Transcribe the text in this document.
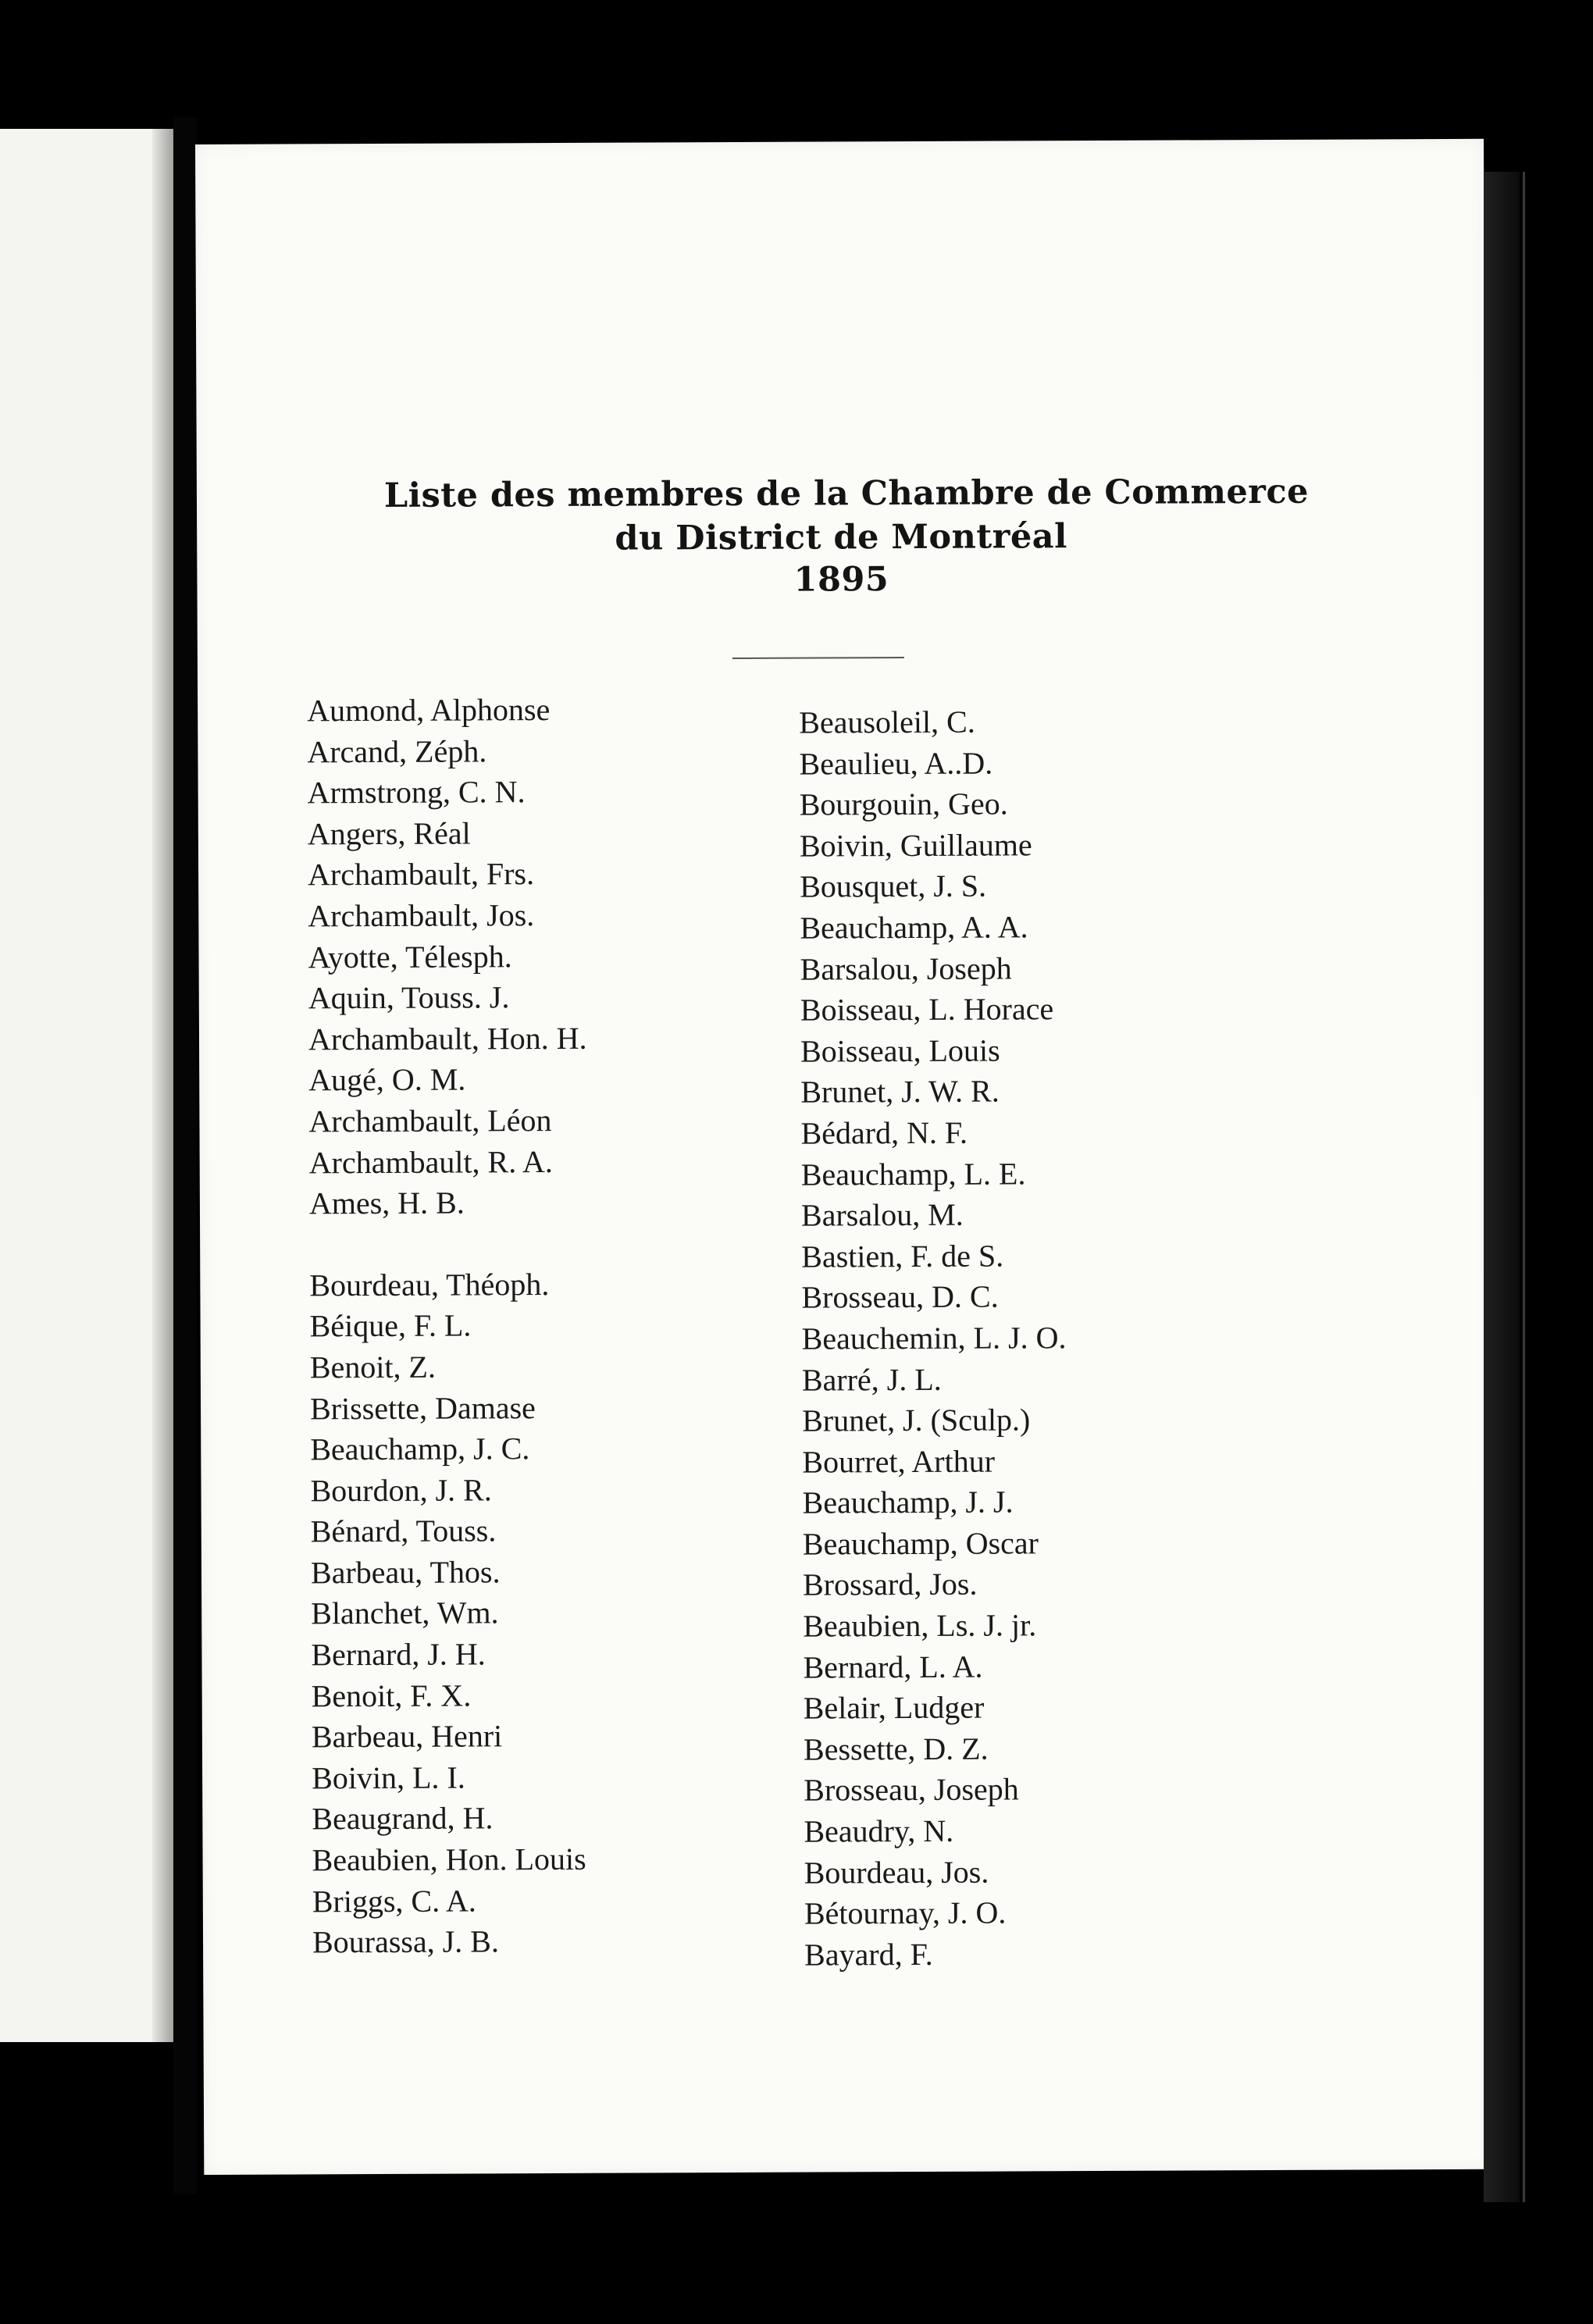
Liste des membres de la Chambre de Commerce
du District de Montréal
1895
Aumond, Alphonse
Arcand, Zéph.
Armstrong, C. N.
Angers, Réal
Archambault, Frs.
Archambault, Jos.
Ayotte, Télesph.
Aquin, Touss. J.
Archambault, Hon. H.
Augé, O. M.
Archambault, Léon
Archambault, R. A.
Ames, H. B.
Bourdeau, Théoph.
Béique, F. L.
Benoit, Z.
Brissette, Damase
Beauchamp, J. C.
Bourdon, J. R.
Bénard, Touss.
Barbeau, Thos.
Blanchet, Wm.
Bernard, J. H.
Benoit, F. X.
Barbeau, Henri
Boivin, L. I.
Beaugrand, H.
Beaubien, Hon. Louis
Briggs, C. A.
Bourassa, J. B.
Beausoleil, C.
Beaulieu, A..D.
Bourgouin, Geo.
Boivin, Guillaume
Bousquet, J. S.
Beauchamp, A. A.
Barsalou, Joseph
Boisseau, L. Horace
Boisseau, Louis
Brunet, J. W. R.
Bédard, N. F.
Beauchamp, L. E.
Barsalou, M.
Bastien, F. de S.
Brosseau, D. C.
Beauchemin, L. J. O.
Barré, J. L.
Brunet, J. (Sculp.)
Bourret, Arthur
Beauchamp, J. J.
Beauchamp, Oscar
Brossard, Jos.
Beaubien, Ls. J. jr.
Bernard, L. A.
Belair, Ludger
Bessette, D. Z.
Brosseau, Joseph
Beaudry, N.
Bourdeau, Jos.
Bétournay, J. O.
Bayard, F.
